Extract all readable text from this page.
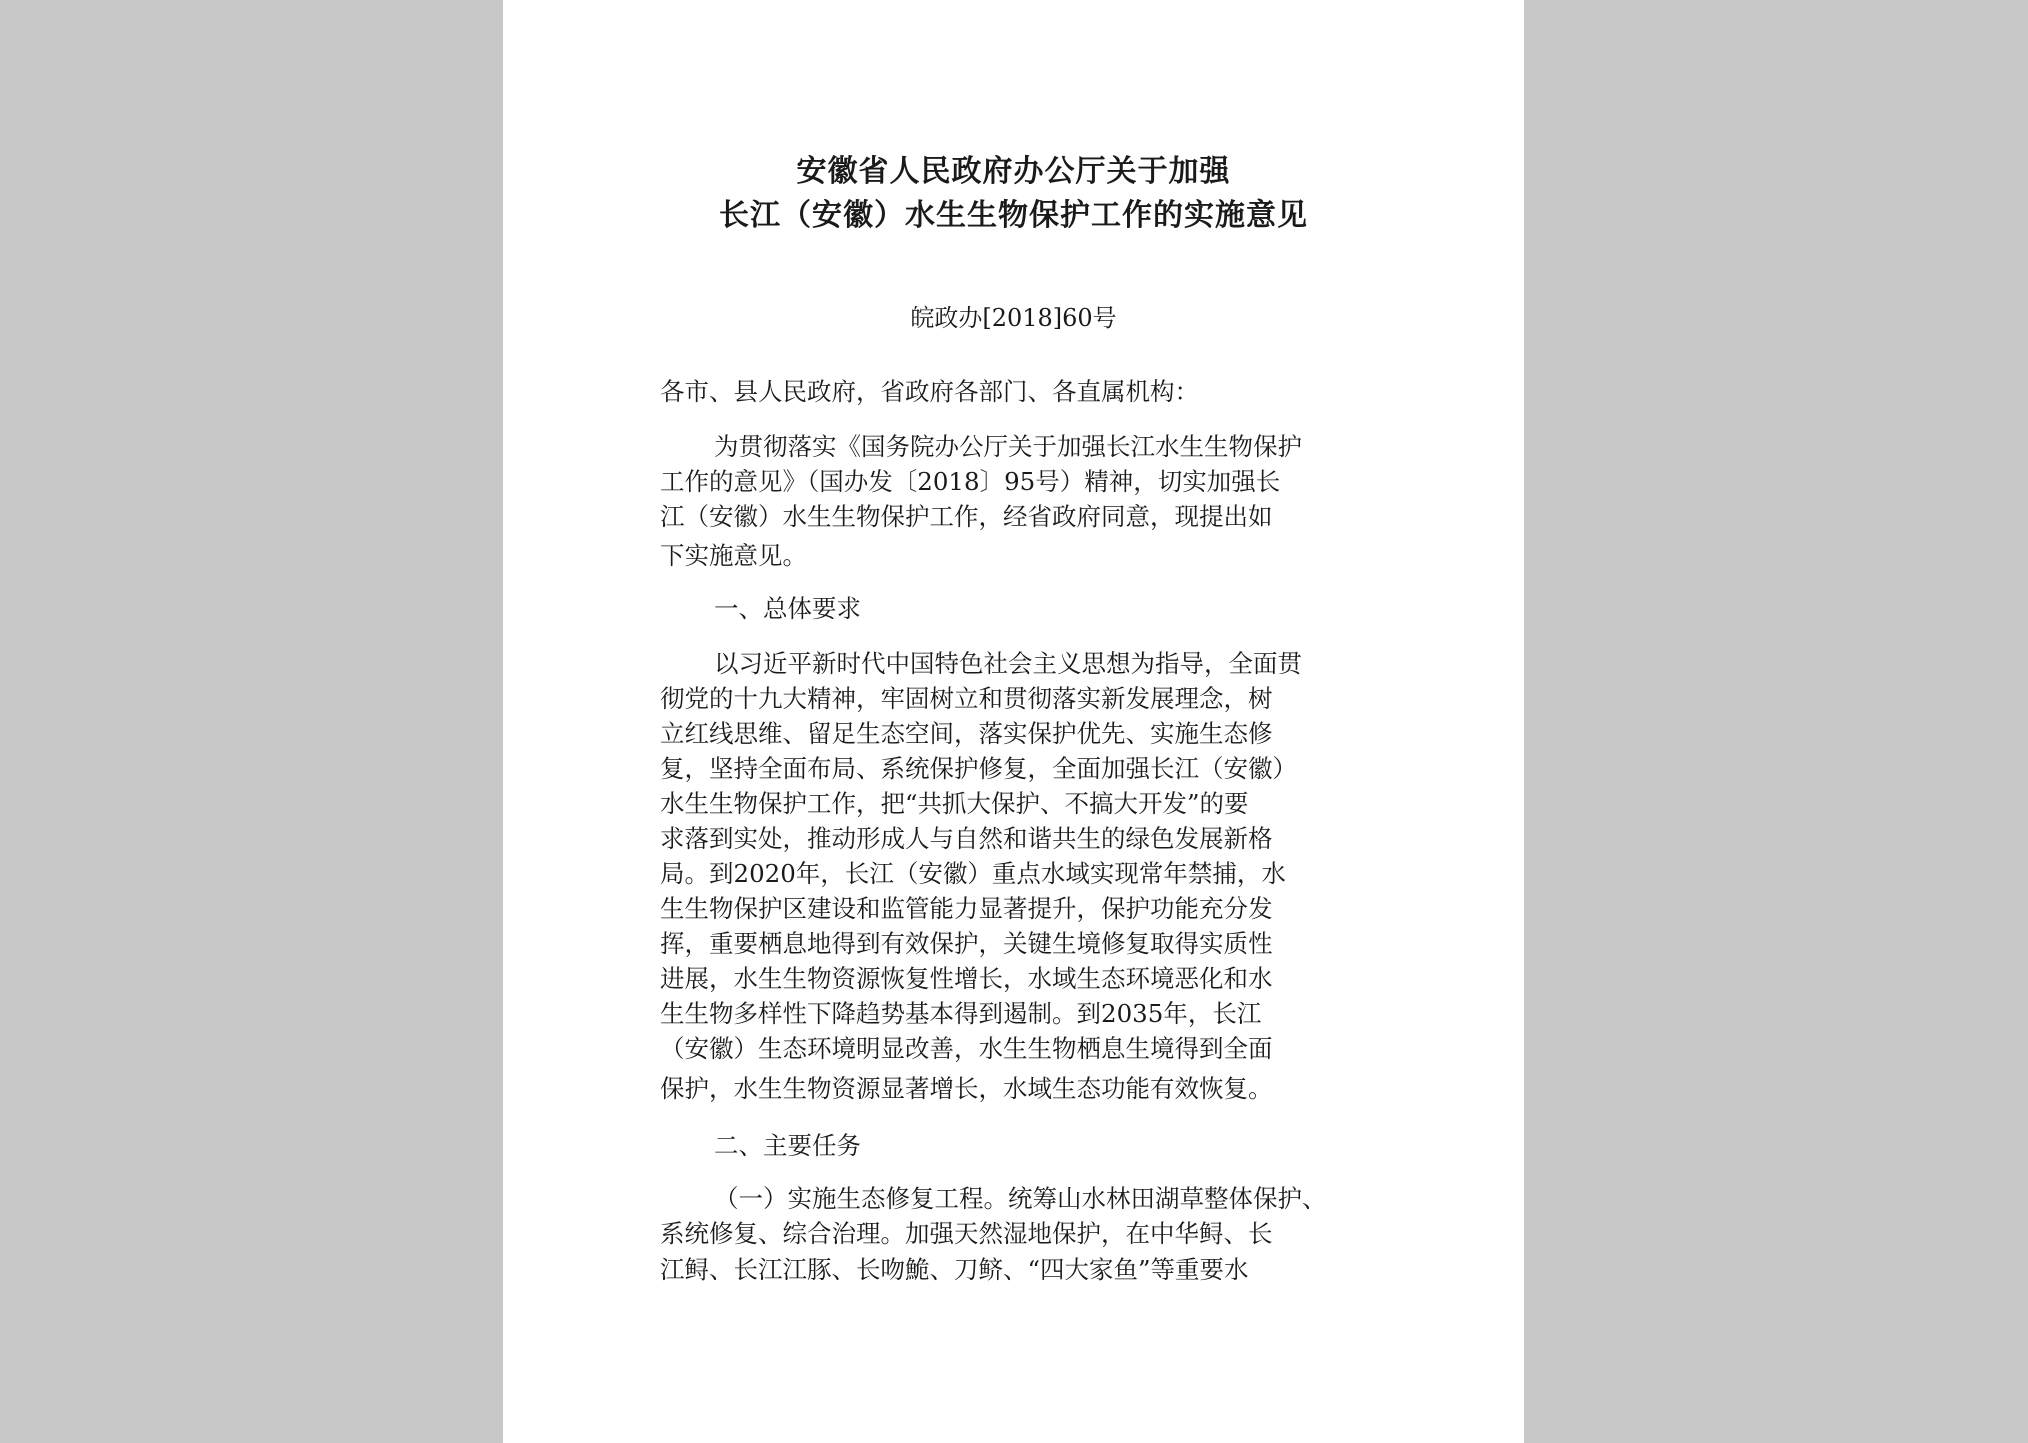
安徽省人民政府办公厅关于加强
长江（安徽）水生生物保护工作的实施意见
皖政办[2018]60号
各市、县人民政府，省政府各部门、各直属机构：
为贯彻落实《国务院办公厅关于加强长江水生生物保护
工作的意见》（国办发〔2018〕95号）精神，切实加强长
江（安徽）水生生物保护工作，经省政府同意，现提出如
下实施意见。
一、总体要求
以习近平新时代中国特色社会主义思想为指导，全面贯
彻党的十九大精神，牢固树立和贯彻落实新发展理念，树
立红线思维、留足生态空间，落实保护优先、实施生态修
复，坚持全面布局、系统保护修复，全面加强长江（安徽）
水生生物保护工作，把“共抓大保护、不搞大开发”的要
求落到实处，推动形成人与自然和谐共生的绿色发展新格
局。到2020年，长江（安徽）重点水域实现常年禁捕，水
生生物保护区建设和监管能力显著提升，保护功能充分发
挥，重要栖息地得到有效保护，关键生境修复取得实质性
进展，水生生物资源恢复性增长，水域生态环境恶化和水
生生物多样性下降趋势基本得到遏制。到2035年，长江
（安徽）生态环境明显改善，水生生物栖息生境得到全面
保护，水生生物资源显著增长，水域生态功能有效恢复。
二、主要任务
（一）实施生态修复工程。统筹山水林田湖草整体保护、
系统修复、综合治理。加强天然湿地保护，在中华鲟、长
江鲟、长江江豚、长吻鮠、刀鲚、“四大家鱼”等重要水
